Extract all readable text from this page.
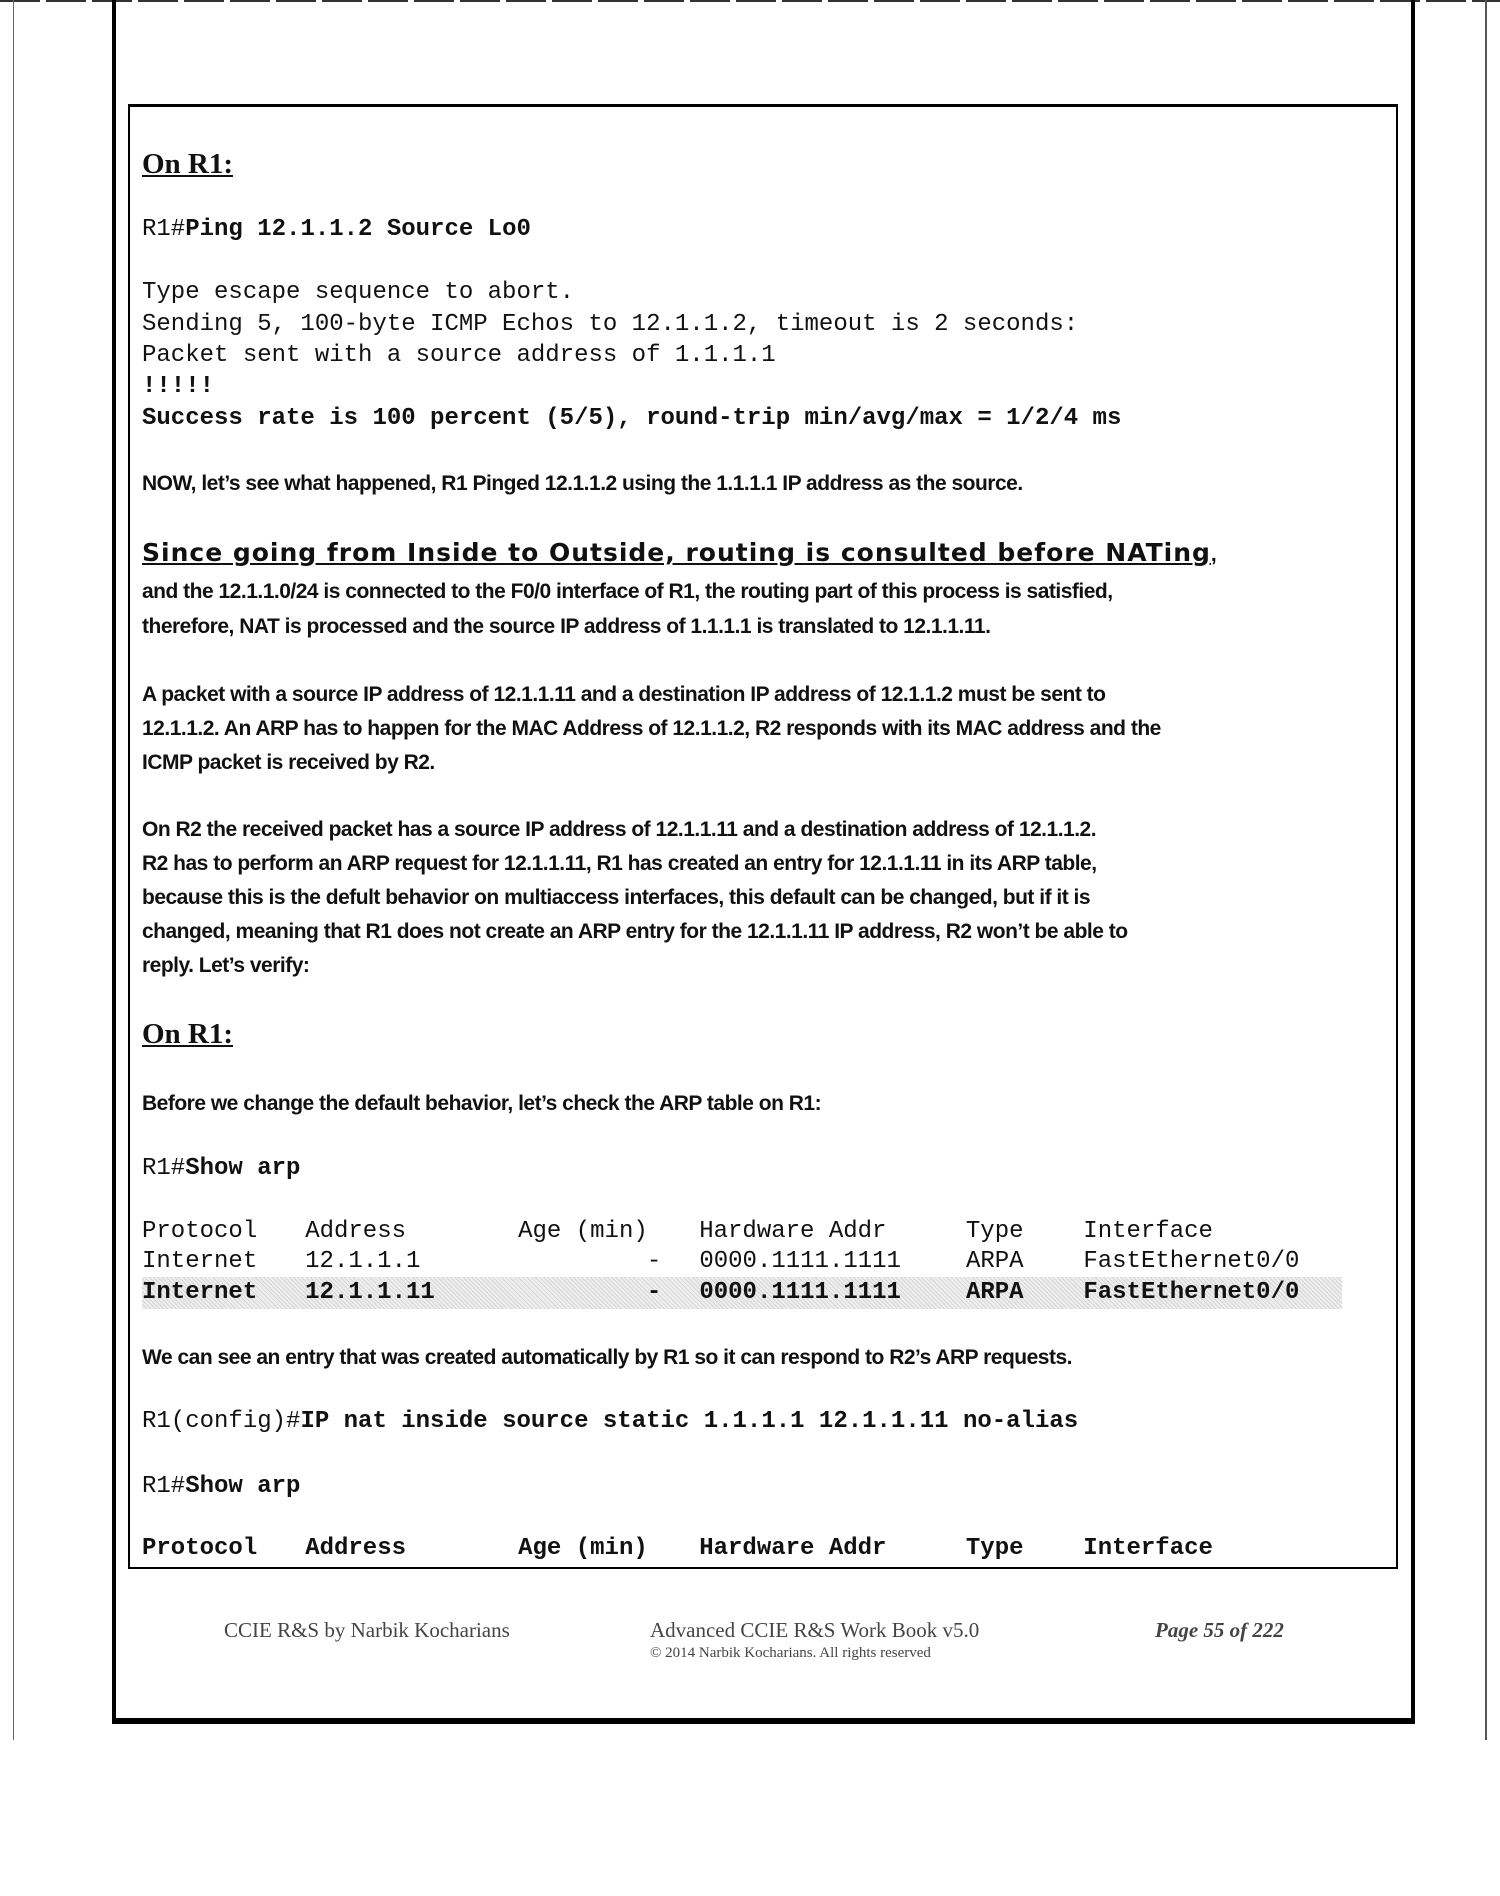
On R1:
R1#Ping 12.1.1.2 Source Lo0
Type escape sequence to abort.
Sending 5, 100-byte ICMP Echos to 12.1.1.2, timeout is 2 seconds:
Packet sent with a source address of 1.1.1.1
!!!!!
Success rate is 100 percent (5/5), round-trip min/avg/max = 1/2/4 ms
NOW, let’s see what happened, R1 Pinged 12.1.1.2 using the 1.1.1.1 IP address as the source.
Since going from Inside to Outside, routing is consulted before NATing,
and the 12.1.1.0/24 is connected to the F0/0 interface of R1, the routing part of this process is satisfied,
therefore, NAT is processed and the source IP address of 1.1.1.1 is translated to 12.1.1.11.
A packet with a source IP address of 12.1.1.11 and a destination IP address of 12.1.1.2 must be sent to
12.1.1.2. An ARP has to happen for the MAC Address of 12.1.1.2, R2 responds with its MAC address and the
ICMP packet is received by R2.
On R2 the received packet has a source IP address of 12.1.1.11 and a destination address of 12.1.1.2.
R2 has to perform an ARP request for 12.1.1.11, R1 has created an entry for 12.1.1.11 in its ARP table,
because this is the defult behavior on multiaccess interfaces, this default can be changed, but if it is
changed, meaning that R1 does not create an ARP entry for the 12.1.1.11 IP address, R2 won’t be able to
reply. Let’s verify:
On R1:
Before we change the default behavior, let’s check the ARP table on R1:
R1#Show arp
Protocol	Address	Age (min)	Hardware Addr	Type	Interface
Internet	12.1.1.1	-	0000.1111.1111	ARPA	FastEthernet0/0
Internet	12.1.1.11	-	0000.1111.1111	ARPA	FastEthernet0/0
We can see an entry that was created automatically by R1 so it can respond to R2’s ARP requests.
R1(config)#IP nat inside source static 1.1.1.1 12.1.1.11 no-alias
R1#Show arp
Protocol	Address	Age (min)	Hardware Addr	Type	Interface
CCIE R&S by Narbik Kocharians	Advanced CCIE R&S Work Book v5.0
© 2014 Narbik Kocharians. All rights reserved
Page 55 of 222
